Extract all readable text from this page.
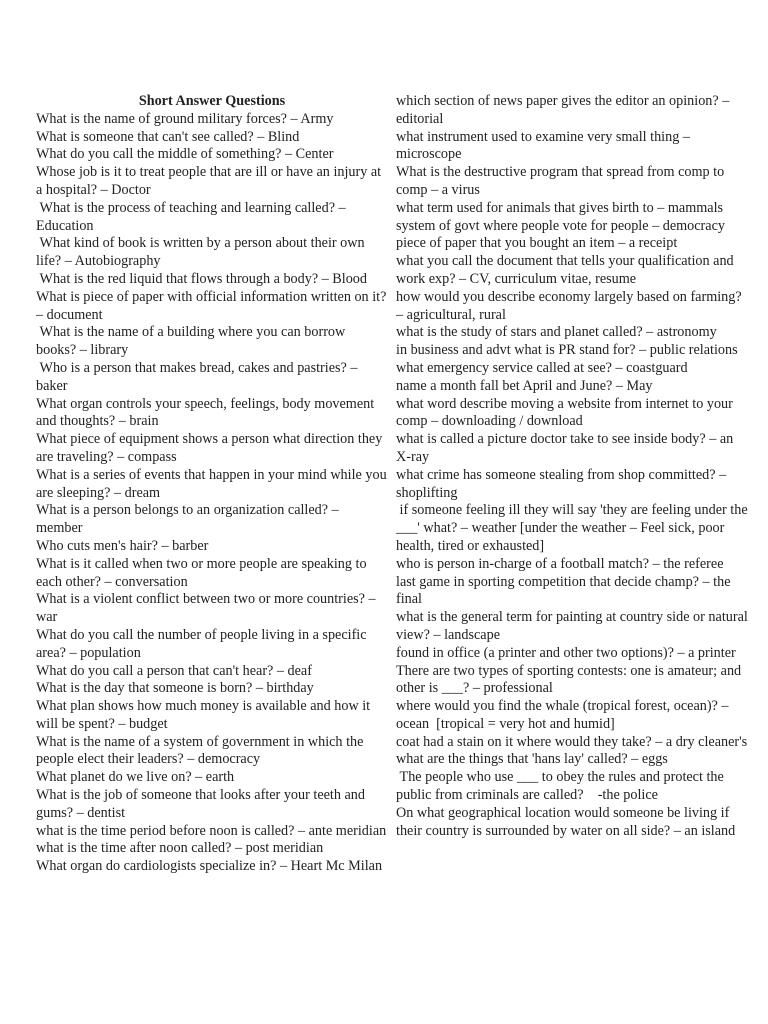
Short Answer Questions

What is the name of ground military forces? – Army

What is someone that can't see called? – Blind

What do you call the middle of something? – Center

Whose job is it to treat people that are ill or have an injury at a hospital? – Doctor

What is the process of teaching and learning called? – Education

What kind of book is written by a person about their own life? – Autobiography

What is the red liquid that flows through a body? – Blood

What is piece of paper with official information written on it? – document

What is the name of a building where you can borrow books? – library

Who is a person that makes bread, cakes and pastries? – baker

What organ controls your speech, feelings, body movement and thoughts? – brain

What piece of equipment shows a person what direction they are traveling? – compass

What is a series of events that happen in your mind while you are sleeping? – dream

What is a person belongs to an organization called? – member

Who cuts men's hair? – barber

What is it called when two or more people are speaking to each other? – conversation

What is a violent conflict between two or more countries? – war

What do you call the number of people living in a specific area? – population

What do you call a person that can't hear? – deaf

What is the day that someone is born? – birthday

What plan shows how much money is available and how it will be spent? – budget

What is the name of a system of government in which the people elect their leaders? – democracy

What planet do we live on? – earth

What is the job of someone that looks after your teeth and gums? – dentist

what is the time period before noon is called? – ante meridian

what is the time after noon called? – post meridian

What organ do cardiologists specialize in? – Heart Mc Milan

which section of news paper gives the editor an opinion? – editorial

what instrument used to examine very small thing – microscope

What is the destructive program that spread from comp to comp – a virus

what term used for animals that gives birth to – mammals

system of govt where people vote for people – democracy

piece of paper that you bought an item – a receipt

what you call the document that tells your qualification and work exp? – CV, curriculum vitae, resume

how would you describe economy largely based on farming? – agricultural, rural

what is the study of stars and planet called? – astronomy

in business and advt what is PR stand for? – public relations

what emergency service called at see? – coastguard

name a month fall bet April and June? – May

what word describe moving a website from internet to your comp – downloading / download

what is called a picture doctor take to see inside body? – an X-ray

what crime has someone stealing from shop committed? – shoplifting

if someone feeling ill they will say 'they are feeling under the ___' what? – weather [under the weather – Feel sick, poor health, tired or exhausted]

who is person in-charge of a football match? – the referee

last game in sporting competition that decide champ? – the final

what is the general term for painting at country side or natural view? – landscape

found in office (a printer and other two options)? – a printer

There are two types of sporting contests: one is amateur; and other is ___? – professional

where would you find the whale (tropical forest, ocean)? – ocean  [tropical = very hot and humid]

coat had a stain on it where would they take? – a dry cleaner's

what are the things that 'hans lay' called? – eggs

The people who use ___ to obey the rules and protect the public from criminals are called?    -the police

On what geographical location would someone be living if their country is surrounded by water on all side? – an island
